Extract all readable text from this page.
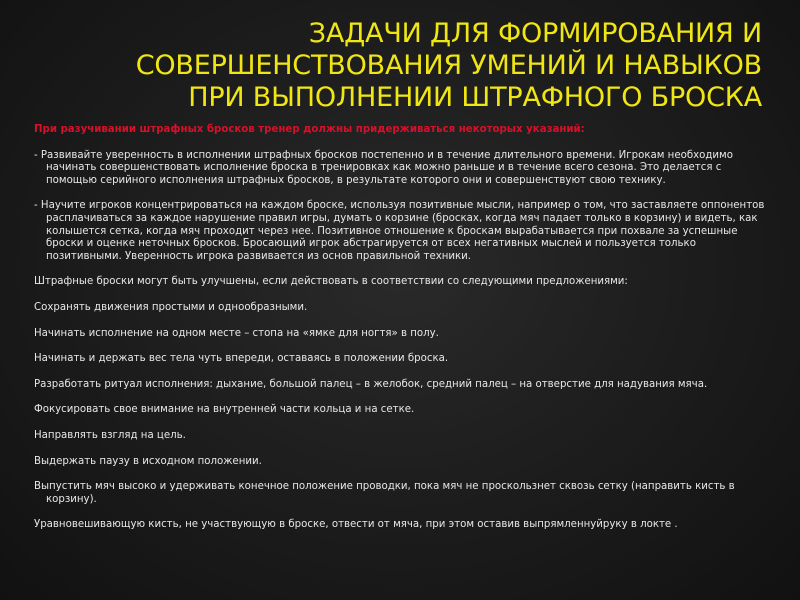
ЗАДАЧИ ДЛЯ ФОРМИРОВАНИЯ И
СОВЕРШЕНСТВОВАНИЯ УМЕНИЙ И НАВЫКОВ
ПРИ ВЫПОЛНЕНИИ ШТРАФНОГО БРОСКА

При разучивании штрафных бросков тренер должны придерживаться некоторых указаний:

- Развивайте уверенность в исполнении штрафных бросков постепенно и в течение длительного времени. Игрокам необходимо начинать совершенствовать исполнение броска в тренировках как можно раньше и в течение всего сезона. Это делается с помощью серийного исполнения штрафных бросков, в результате которого они и совершенствуют свою технику.

- Научите игроков концентрироваться на каждом броске, используя позитивные мысли, например о том, что заставляете оппонентов расплачиваться за каждое нарушение правил игры, думать о корзине (бросках, когда мяч падает только в корзину) и видеть, как колышется сетка, когда мяч проходит через нее. Позитивное отношение к броскам вырабатывается при похвале за успешные броски и оценке неточных бросков. Бросающий игрок абстрагируется от всех негативных мыслей и пользуется только позитивными. Уверенность игрока развивается из основ правильной техники.

Штрафные броски могут быть улучшены, если действовать в соответствии со следующими предложениями:

Сохранять движения простыми и однообразными.

Начинать исполнение на одном месте – стопа на «ямке для ногтя» в полу.

Начинать и держать вес тела чуть впереди, оставаясь в положении броска.

Разработать ритуал исполнения: дыхание, большой палец – в желобок, средний палец – на отверстие для надувания мяча.

Фокусировать свое внимание на внутренней части кольца и на сетке.

Направлять взгляд на цель.

Выдержать паузу в исходном положении.

Выпустить мяч высоко и удерживать конечное положение проводки, пока мяч не проскользнет сквозь сетку (направить кисть в корзину).

Уравновешивающую кисть, не участвующую в броске, отвести от мяча, при этом оставив выпрямленнуйруку в локте .
